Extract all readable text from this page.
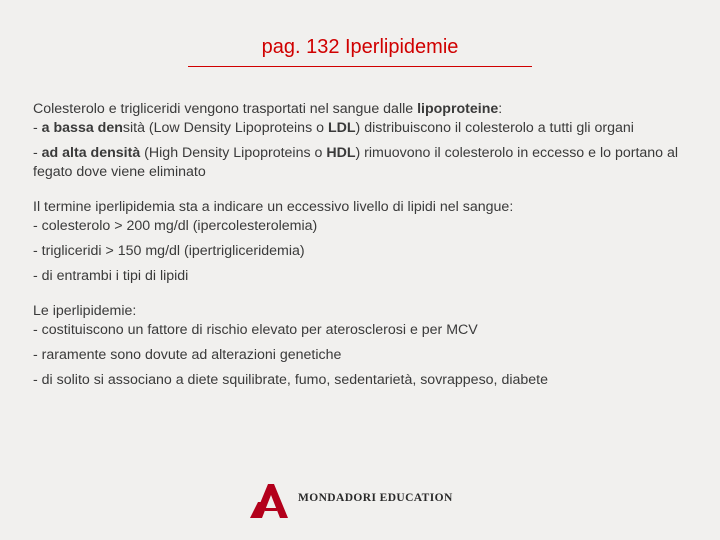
pag. 132 Iperlipidemie

Colesterolo e trigliceridi vengono trasportati nel sangue dalle lipoproteine:
- a bassa densità (Low Density Lipoproteins o LDL) distribuiscono il colesterolo a tutti gli organi

- ad alta densità (High Density Lipoproteins o HDL) rimuovono il colesterolo in eccesso e lo portano al fegato dove viene eliminato

Il termine iperlipidemia sta a indicare un eccessivo livello di lipidi nel sangue:
- colesterolo > 200 mg/dl (ipercolesterolemia)

- trigliceridi > 150 mg/dl (ipertrigliceridemia)

- di entrambi i tipi di lipidi

Le iperlipidemie:
- costituiscono un fattore di rischio elevato per aterosclerosi e per MCV

- raramente sono dovute ad alterazioni genetiche

- di solito si associano a diete squilibrate, fumo, sedentarietà, sovrappeso, diabete

MONDADORI EDUCATION
